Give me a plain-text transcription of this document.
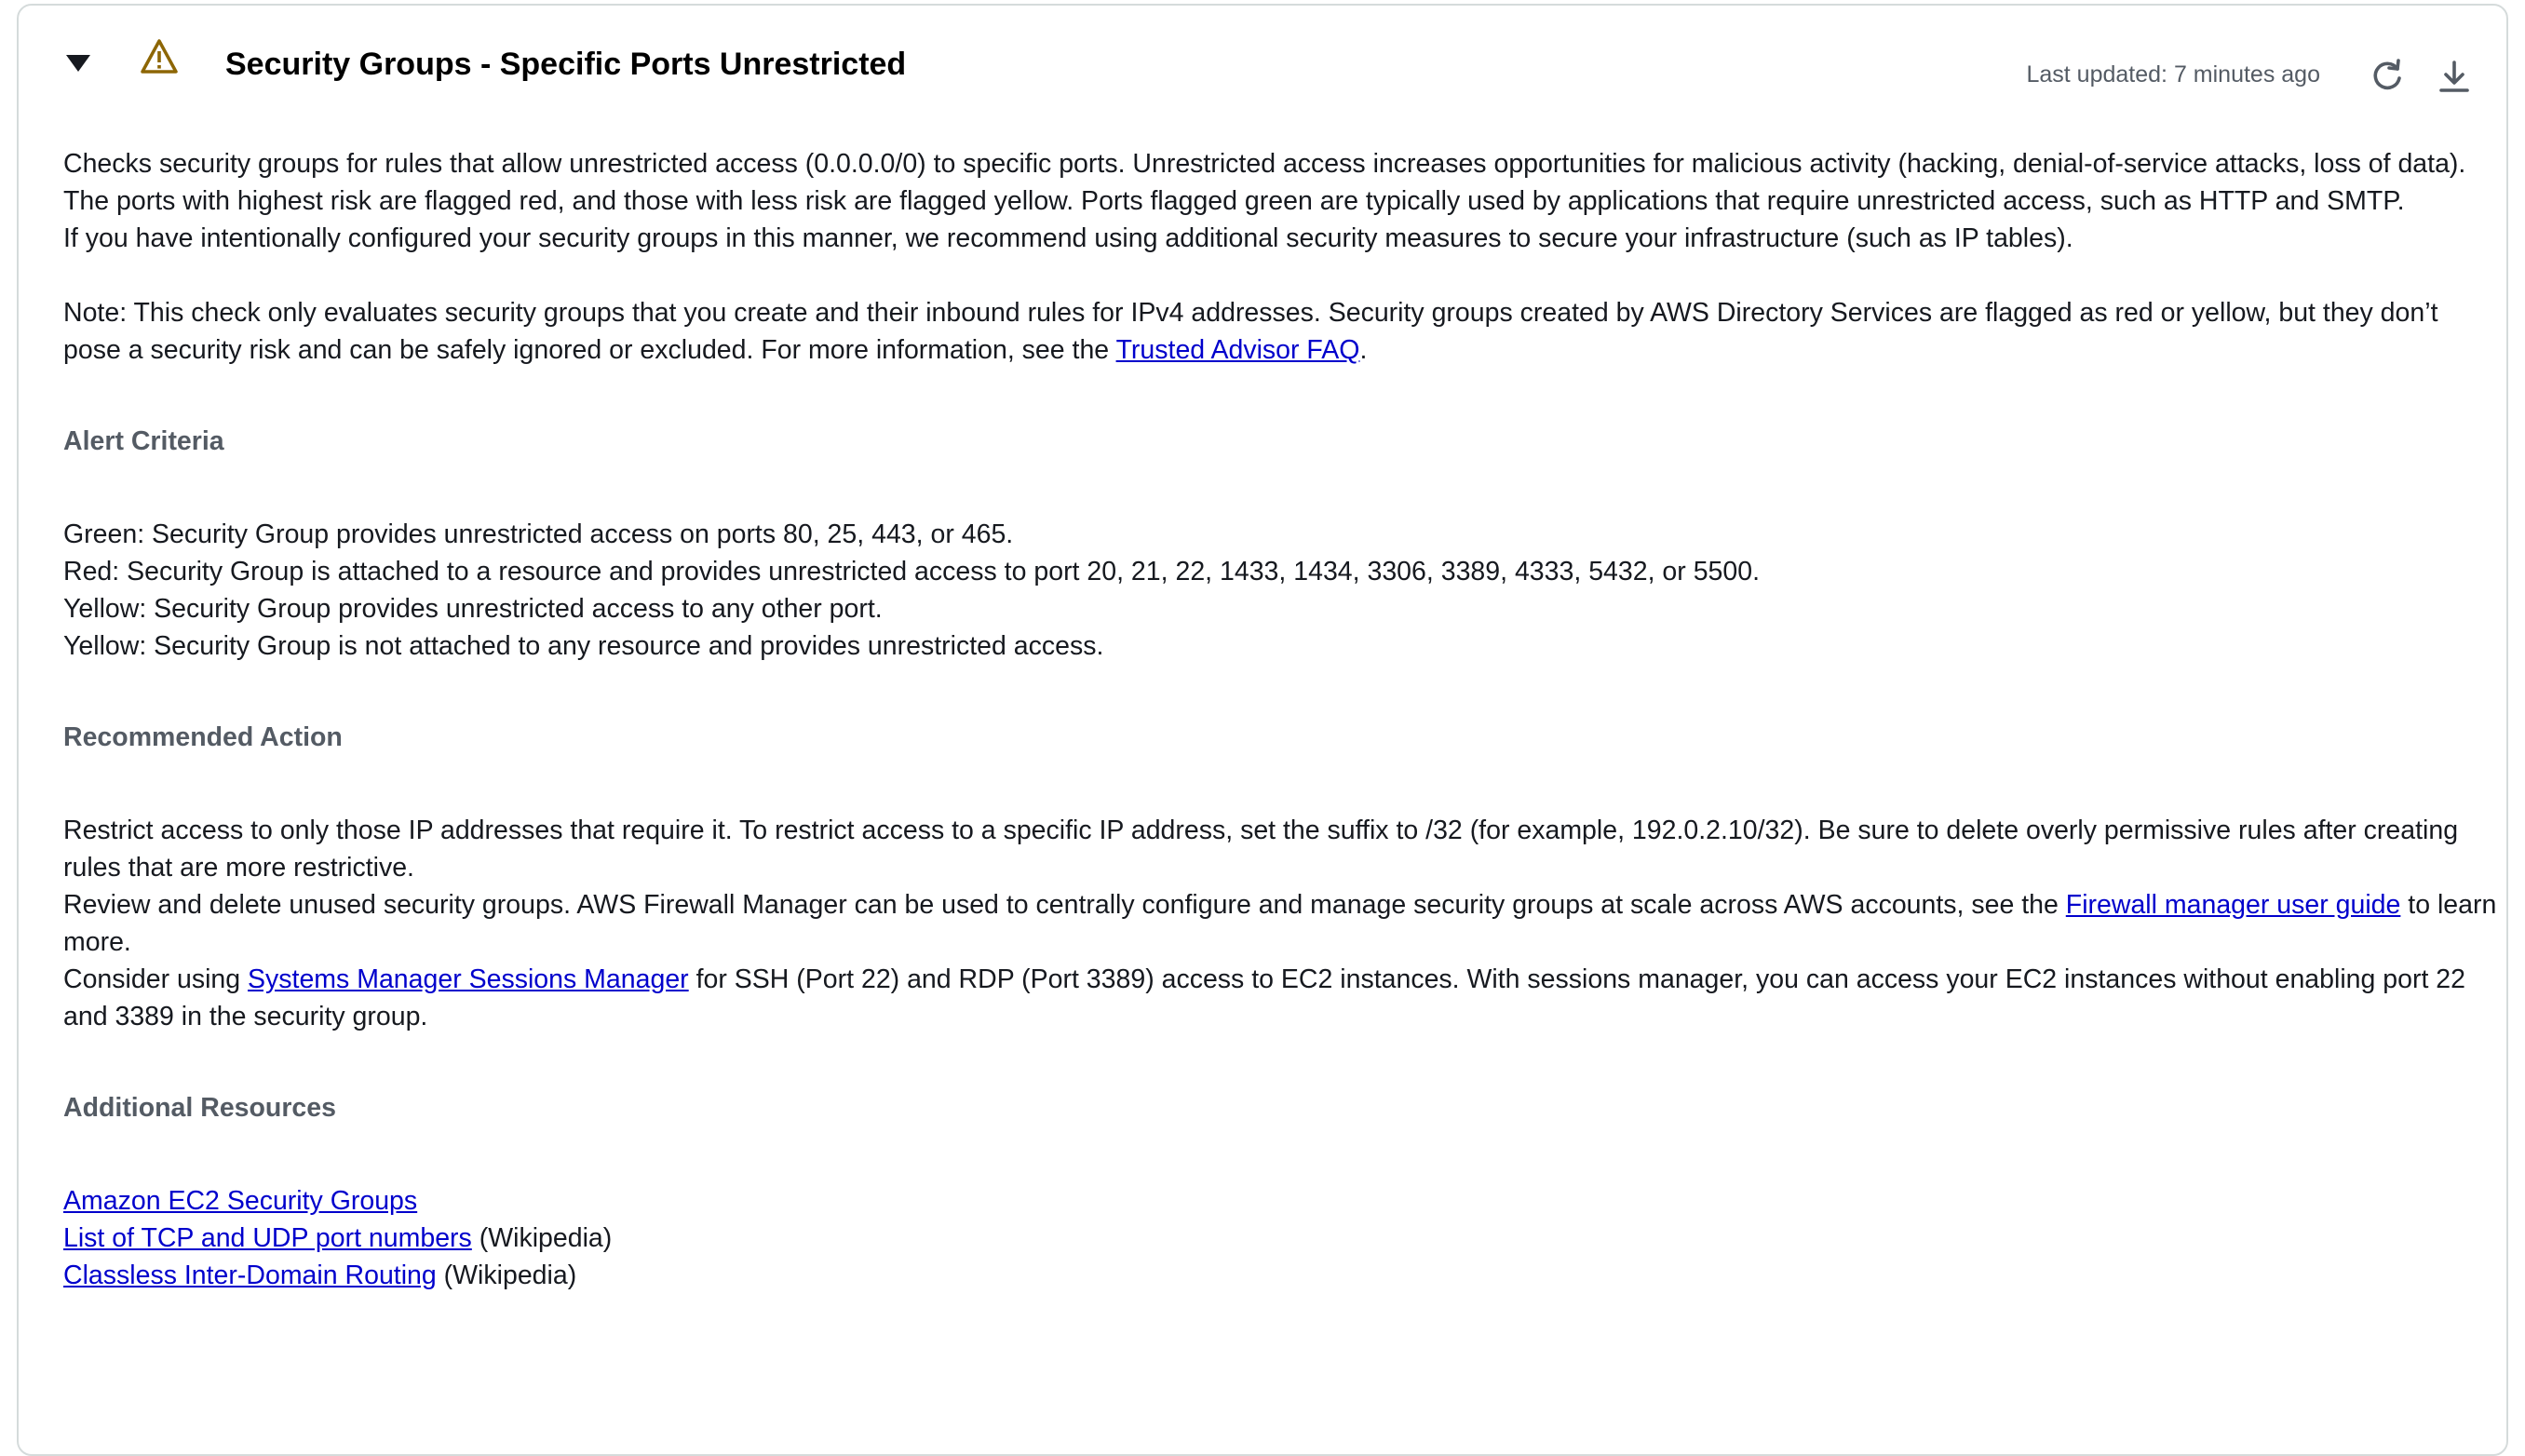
Security Groups - Specific Ports Unrestricted	Last updated: 7 minutes ago

Checks security groups for rules that allow unrestricted access (0.0.0.0/0) to specific ports. Unrestricted access increases opportunities for malicious activity (hacking, denial-of-service attacks, loss of data).

The ports with highest risk are flagged red, and those with less risk are flagged yellow. Ports flagged green are typically used by applications that require unrestricted access, such as HTTP and SMTP.

If you have intentionally configured your security groups in this manner, we recommend using additional security measures to secure your infrastructure (such as IP tables).

Note: This check only evaluates security groups that you create and their inbound rules for IPv4 addresses. Security groups created by AWS Directory Services are flagged as red or yellow, but they don’t pose a security risk and can be safely ignored or excluded. For more information, see the Trusted Advisor FAQ.

Alert Criteria

Green: Security Group provides unrestricted access on ports 80, 25, 443, or 465.

Red: Security Group is attached to a resource and provides unrestricted access to port 20, 21, 22, 1433, 1434, 3306, 3389, 4333, 5432, or 5500.

Yellow: Security Group provides unrestricted access to any other port.

Yellow: Security Group is not attached to any resource and provides unrestricted access.

Recommended Action

Restrict access to only those IP addresses that require it. To restrict access to a specific IP address, set the suffix to /32 (for example, 192.0.2.10/32). Be sure to delete overly permissive rules after creating rules that are more restrictive.

Review and delete unused security groups. AWS Firewall Manager can be used to centrally configure and manage security groups at scale across AWS accounts, see the Firewall manager user guide to learn more.

Consider using Systems Manager Sessions Manager for SSH (Port 22) and RDP (Port 3389) access to EC2 instances. With sessions manager, you can access your EC2 instances without enabling port 22 and 3389 in the security group.

Additional Resources

Amazon EC2 Security Groups

List of TCP and UDP port numbers (Wikipedia)

Classless Inter-Domain Routing (Wikipedia)
